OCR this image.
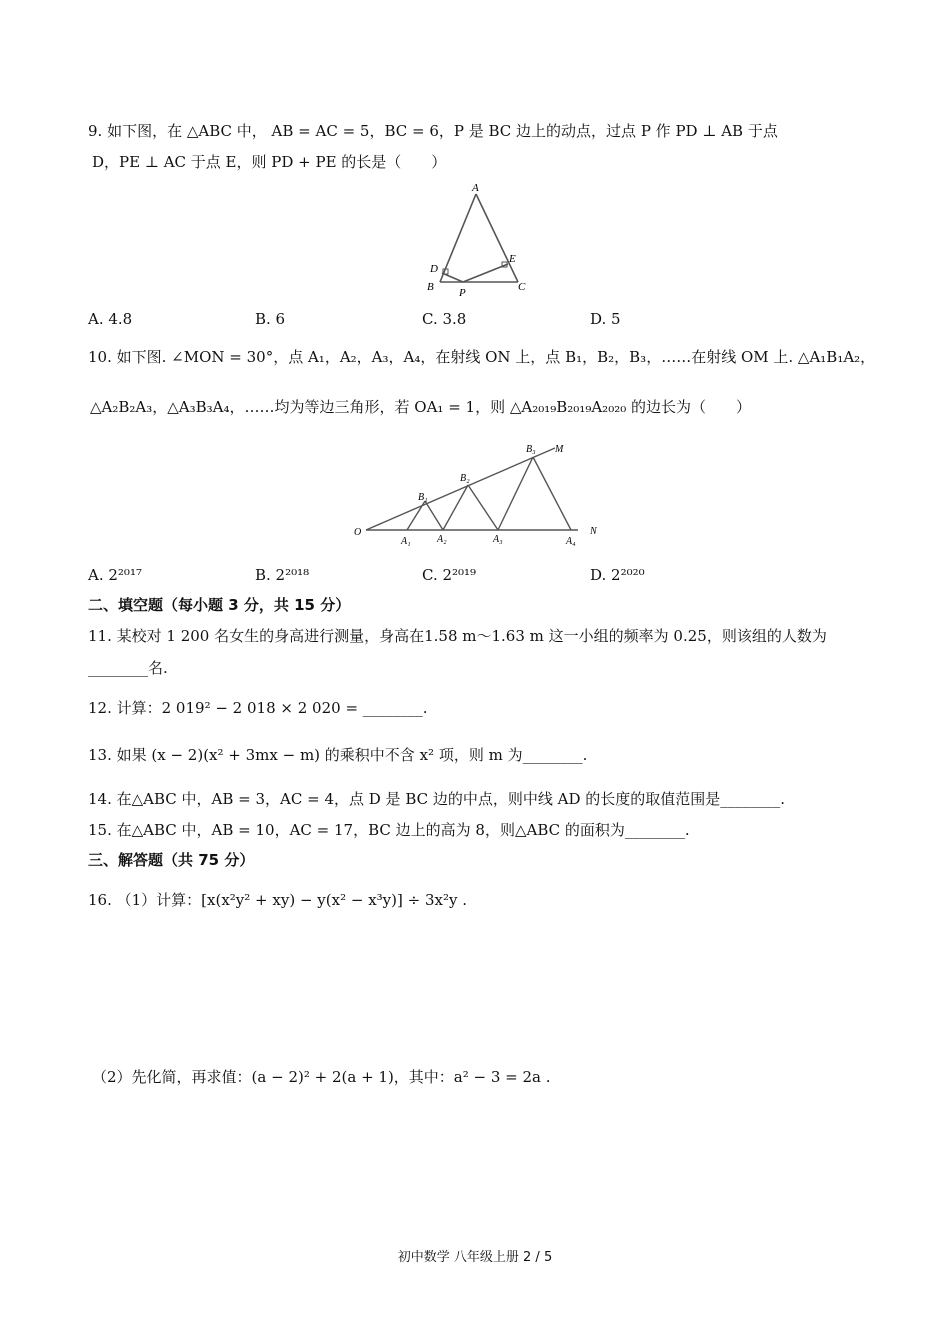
9. 如下图，在 △ABC 中， AB = AC = 5，BC = 6，P 是 BC 边上的动点，过点 P 作 PD ⊥ AB 于点
D，PE ⊥ AC 于点 E，则 PD + PE 的长是（　　）
A
D
B P
E
C
A. 4.8	B. 6	C. 3.8	D. 5
10. 如下图. ∠MON = 30°，点 A₁，A₂，A₃，A₄，在射线 ON 上，点 B₁，B₂，B₃，……在射线 OM 上. △A₁B₁A₂，
△A₂B₂A₃，△A₃B₃A₄，……均为等边三角形，若 OA₁ = 1，则 △A₂₀₁₉B₂₀₁₉A₂₀₂₀ 的边长为（　　）
O
M
N
A₁	A₂	A₃	A₄
B₁
B₂
B₃
A. 2²⁰¹⁷	B. 2²⁰¹⁸	C. 2²⁰¹⁹	D. 2²⁰²⁰
二、填空题（每小题 3 分，共 15 分）
11. 某校对 1 200 名女生的身高进行测量，身高在1.58 m～1.63 m 这一小组的频率为 0.25，则该组的人数为
________名.
12. 计算：2 019² − 2 018 × 2 020 = ________.
13. 如果 (x − 2)(x² + 3mx − m) 的乘积中不含 x² 项，则 m 为________.
14. 在△ABC 中，AB = 3，AC = 4，点 D 是 BC 边的中点，则中线 AD 的长度的取值范围是________.
15. 在△ABC 中，AB = 10，AC = 17，BC 边上的高为 8，则△ABC 的面积为________.
三、解答题（共 75 分）
16. （1）计算：[x(x²y² + xy) − y(x² − x³y)] ÷ 3x²y .
（2）先化简，再求值：(a − 2)² + 2(a + 1)，其中：a² − 3 = 2a .
初中数学 八年级上册 2 / 5
